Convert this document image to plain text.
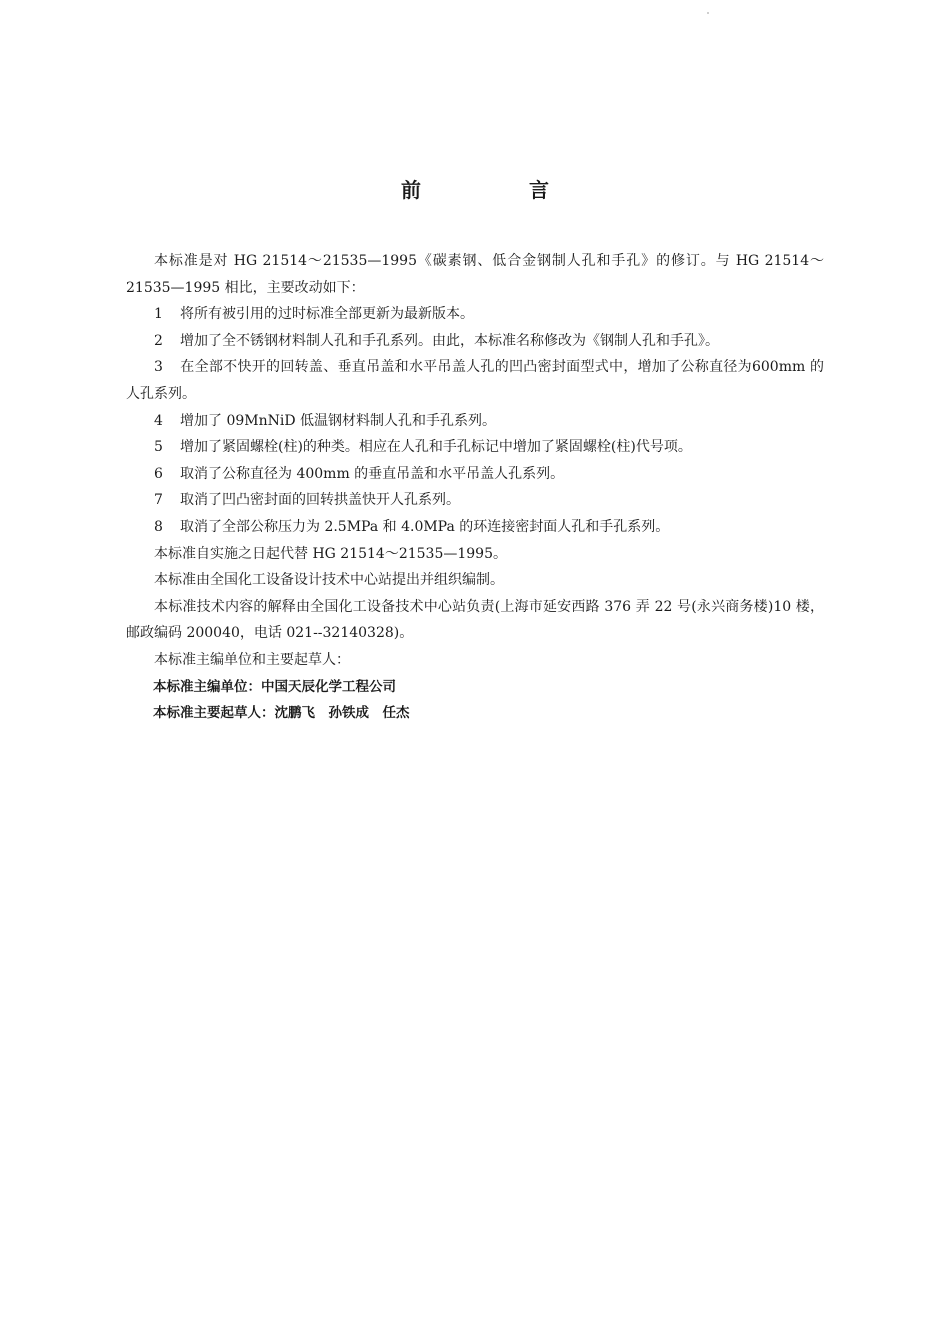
前　言

本标准是对 HG 21514～21535—1995《碳素钢、低合金钢制人孔和手孔》的修订。与 HG 21514～21535—1995 相比，主要改动如下：

1 将所有被引用的过时标准全部更新为最新版本。

2 增加了全不锈钢材料制人孔和手孔系列。由此，本标准名称修改为《钢制人孔和手孔》。

3 在全部不快开的回转盖、垂直吊盖和水平吊盖人孔的凹凸密封面型式中，增加了公称直径为600mm 的人孔系列。

4 增加了 09MnNiD 低温钢材料制人孔和手孔系列。

5 增加了紧固螺栓(柱)的种类。相应在人孔和手孔标记中增加了紧固螺栓(柱)代号项。

6 取消了公称直径为 400mm 的垂直吊盖和水平吊盖人孔系列。

7 取消了凹凸密封面的回转拱盖快开人孔系列。

8 取消了全部公称压力为 2.5MPa 和 4.0MPa 的环连接密封面人孔和手孔系列。

本标准自实施之日起代替 HG 21514～21535—1995。

本标准由全国化工设备设计技术中心站提出并组织编制。

本标准技术内容的解释由全国化工设备技术中心站负责(上海市延安西路 376 弄 22 号(永兴商务楼)10 楼，邮政编码 200040，电话 021--32140328)。

本标准主编单位和主要起草人：

本标准主编单位：中国天辰化学工程公司

本标准主要起草人：沈鹏飞　孙铁成　任杰
